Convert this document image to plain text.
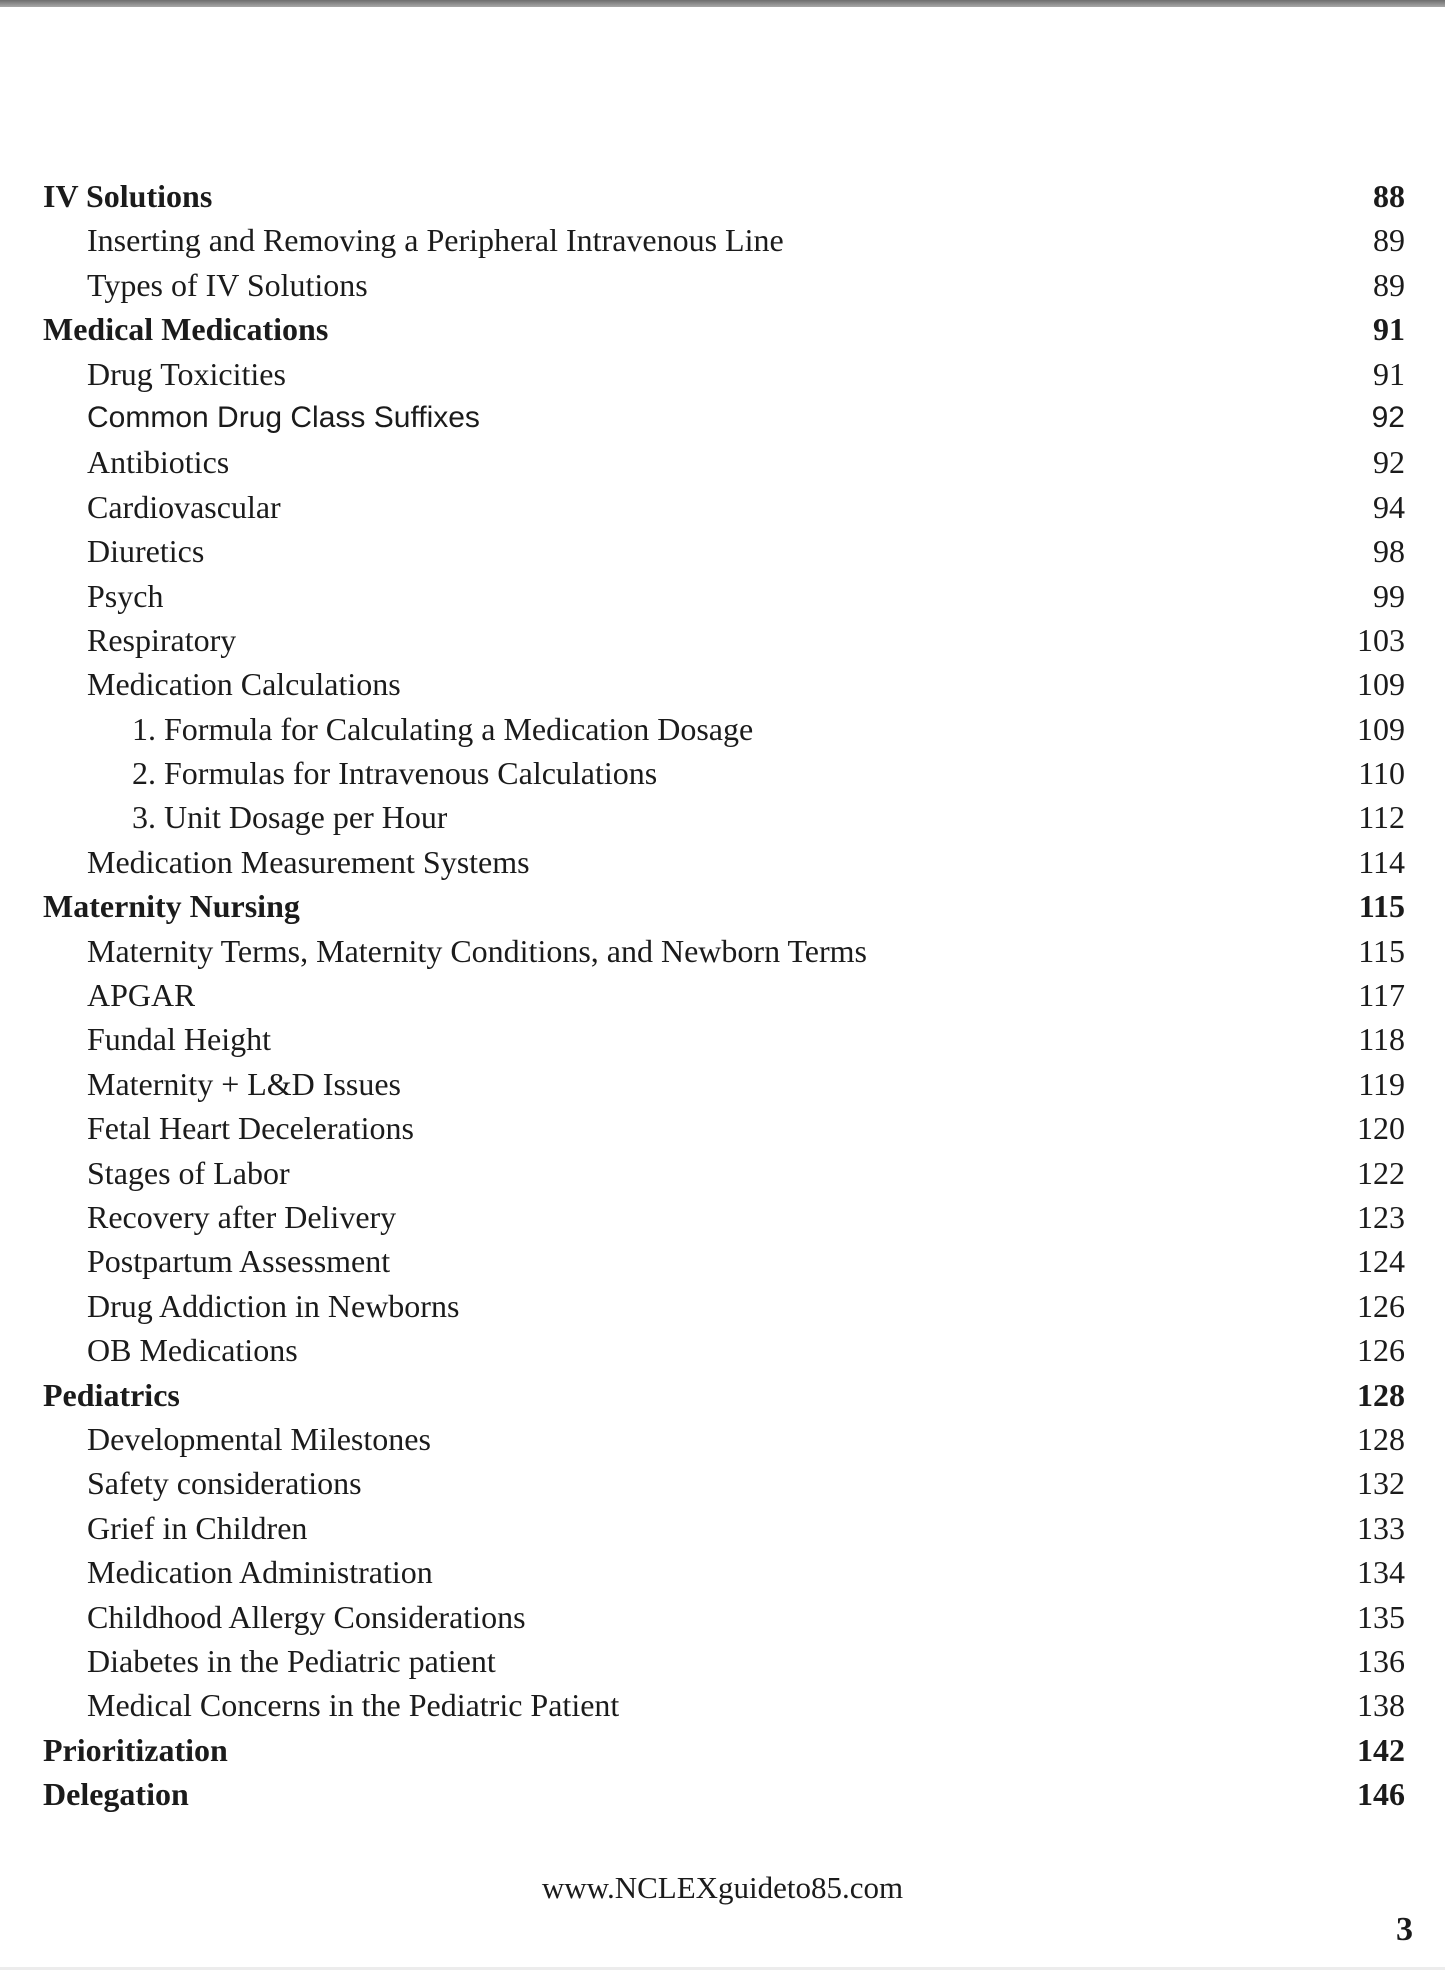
IV Solutions	88
Inserting and Removing a Peripheral Intravenous Line	89
Types of IV Solutions	89
Medical Medications	91
Drug Toxicities	91
Common Drug Class Suffixes	92
Antibiotics	92
Cardiovascular	94
Diuretics	98
Psych	99
Respiratory	103
Medication Calculations	109
1. Formula for Calculating a Medication Dosage	109
2. Formulas for Intravenous Calculations	110
3. Unit Dosage per Hour	112
Medication Measurement Systems	114
Maternity Nursing	115
Maternity Terms, Maternity Conditions, and Newborn Terms	115
APGAR	117
Fundal Height	118
Maternity + L&D Issues	119
Fetal Heart Decelerations	120
Stages of Labor	122
Recovery after Delivery	123
Postpartum Assessment	124
Drug Addiction in Newborns	126
OB Medications	126
Pediatrics	128
Developmental Milestones	128
Safety considerations	132
Grief in Children	133
Medication Administration	134
Childhood Allergy Considerations	135
Diabetes in the Pediatric patient	136
Medical Concerns in the Pediatric Patient	138
Prioritization	142
Delegation	146
www.NCLEXguideto85.com
3
